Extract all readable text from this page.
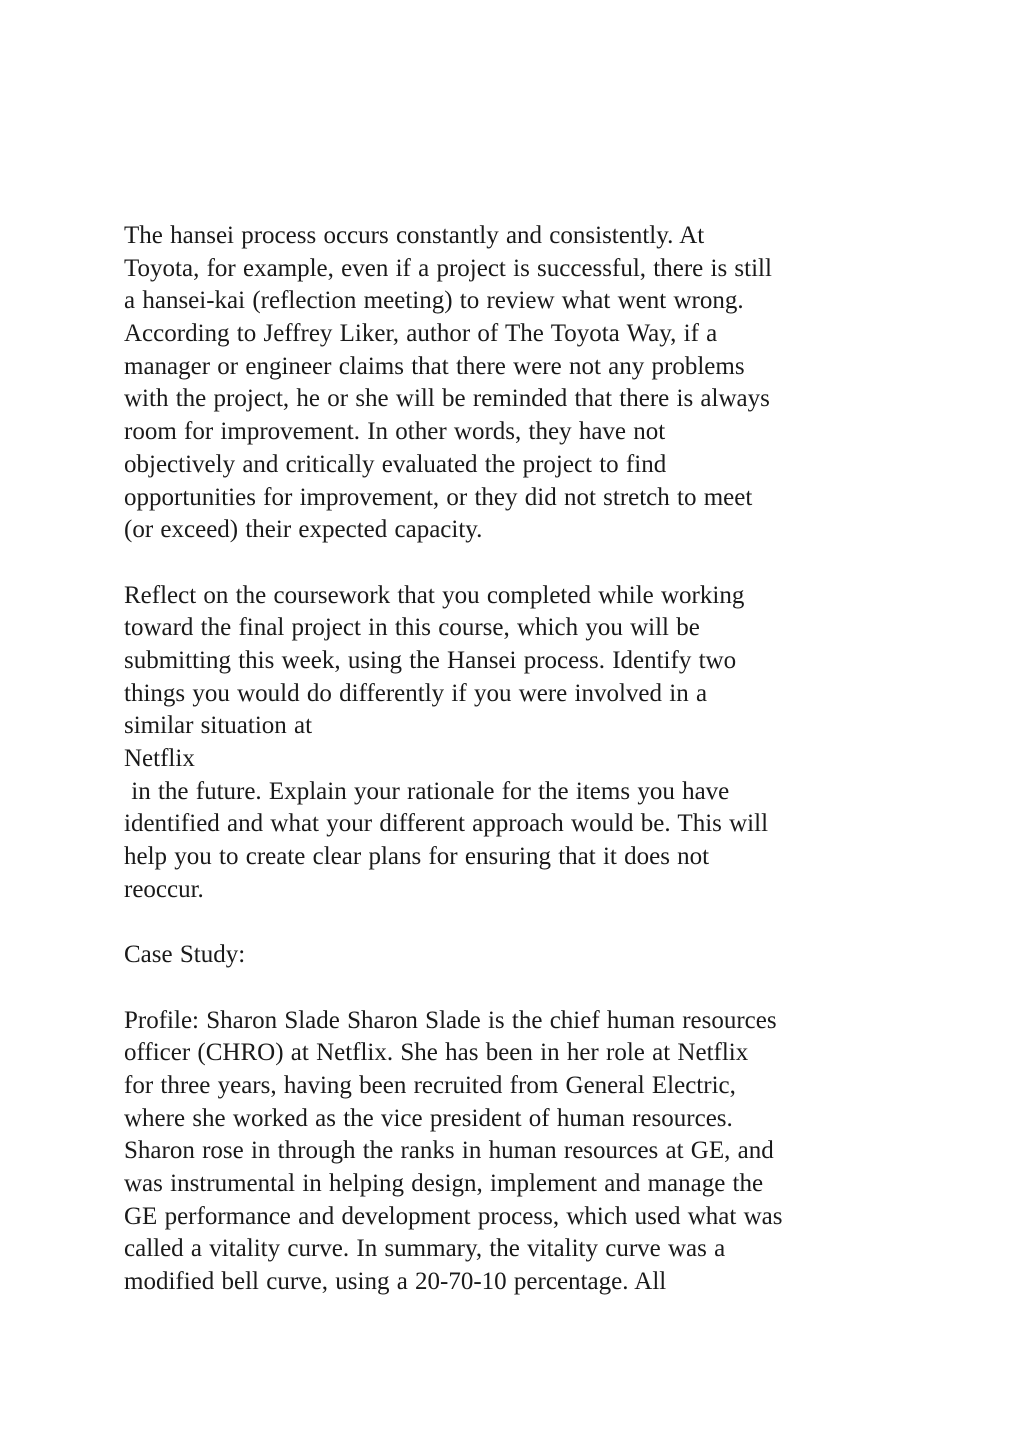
The hansei process occurs constantly and consistently. At
Toyota, for example, even if a project is successful, there is still
a hansei-kai (reflection meeting) to review what went wrong.
According to Jeffrey Liker, author of The Toyota Way, if a
manager or engineer claims that there were not any problems
with the project, he or she will be reminded that there is always
room for improvement. In other words, they have not
objectively and critically evaluated the project to find
opportunities for improvement, or they did not stretch to meet
(or exceed) their expected capacity.
Reflect on the coursework that you completed while working
toward the final project in this course, which you will be
submitting this week, using the Hansei process. Identify two
things you would do differently if you were involved in a
similar situation at
Netflix
in the future. Explain your rationale for the items you have
identified and what your different approach would be. This will
help you to create clear plans for ensuring that it does not
reoccur.
Case Study:
Profile: Sharon Slade Sharon Slade is the chief human resources
officer (CHRO) at Netflix. She has been in her role at Netflix
for three years, having been recruited from General Electric,
where she worked as the vice president of human resources.
Sharon rose in through the ranks in human resources at GE, and
was instrumental in helping design, implement and manage the
GE performance and development process, which used what was
called a vitality curve. In summary, the vitality curve was a
modified bell curve, using a 20-70-10 percentage. All
